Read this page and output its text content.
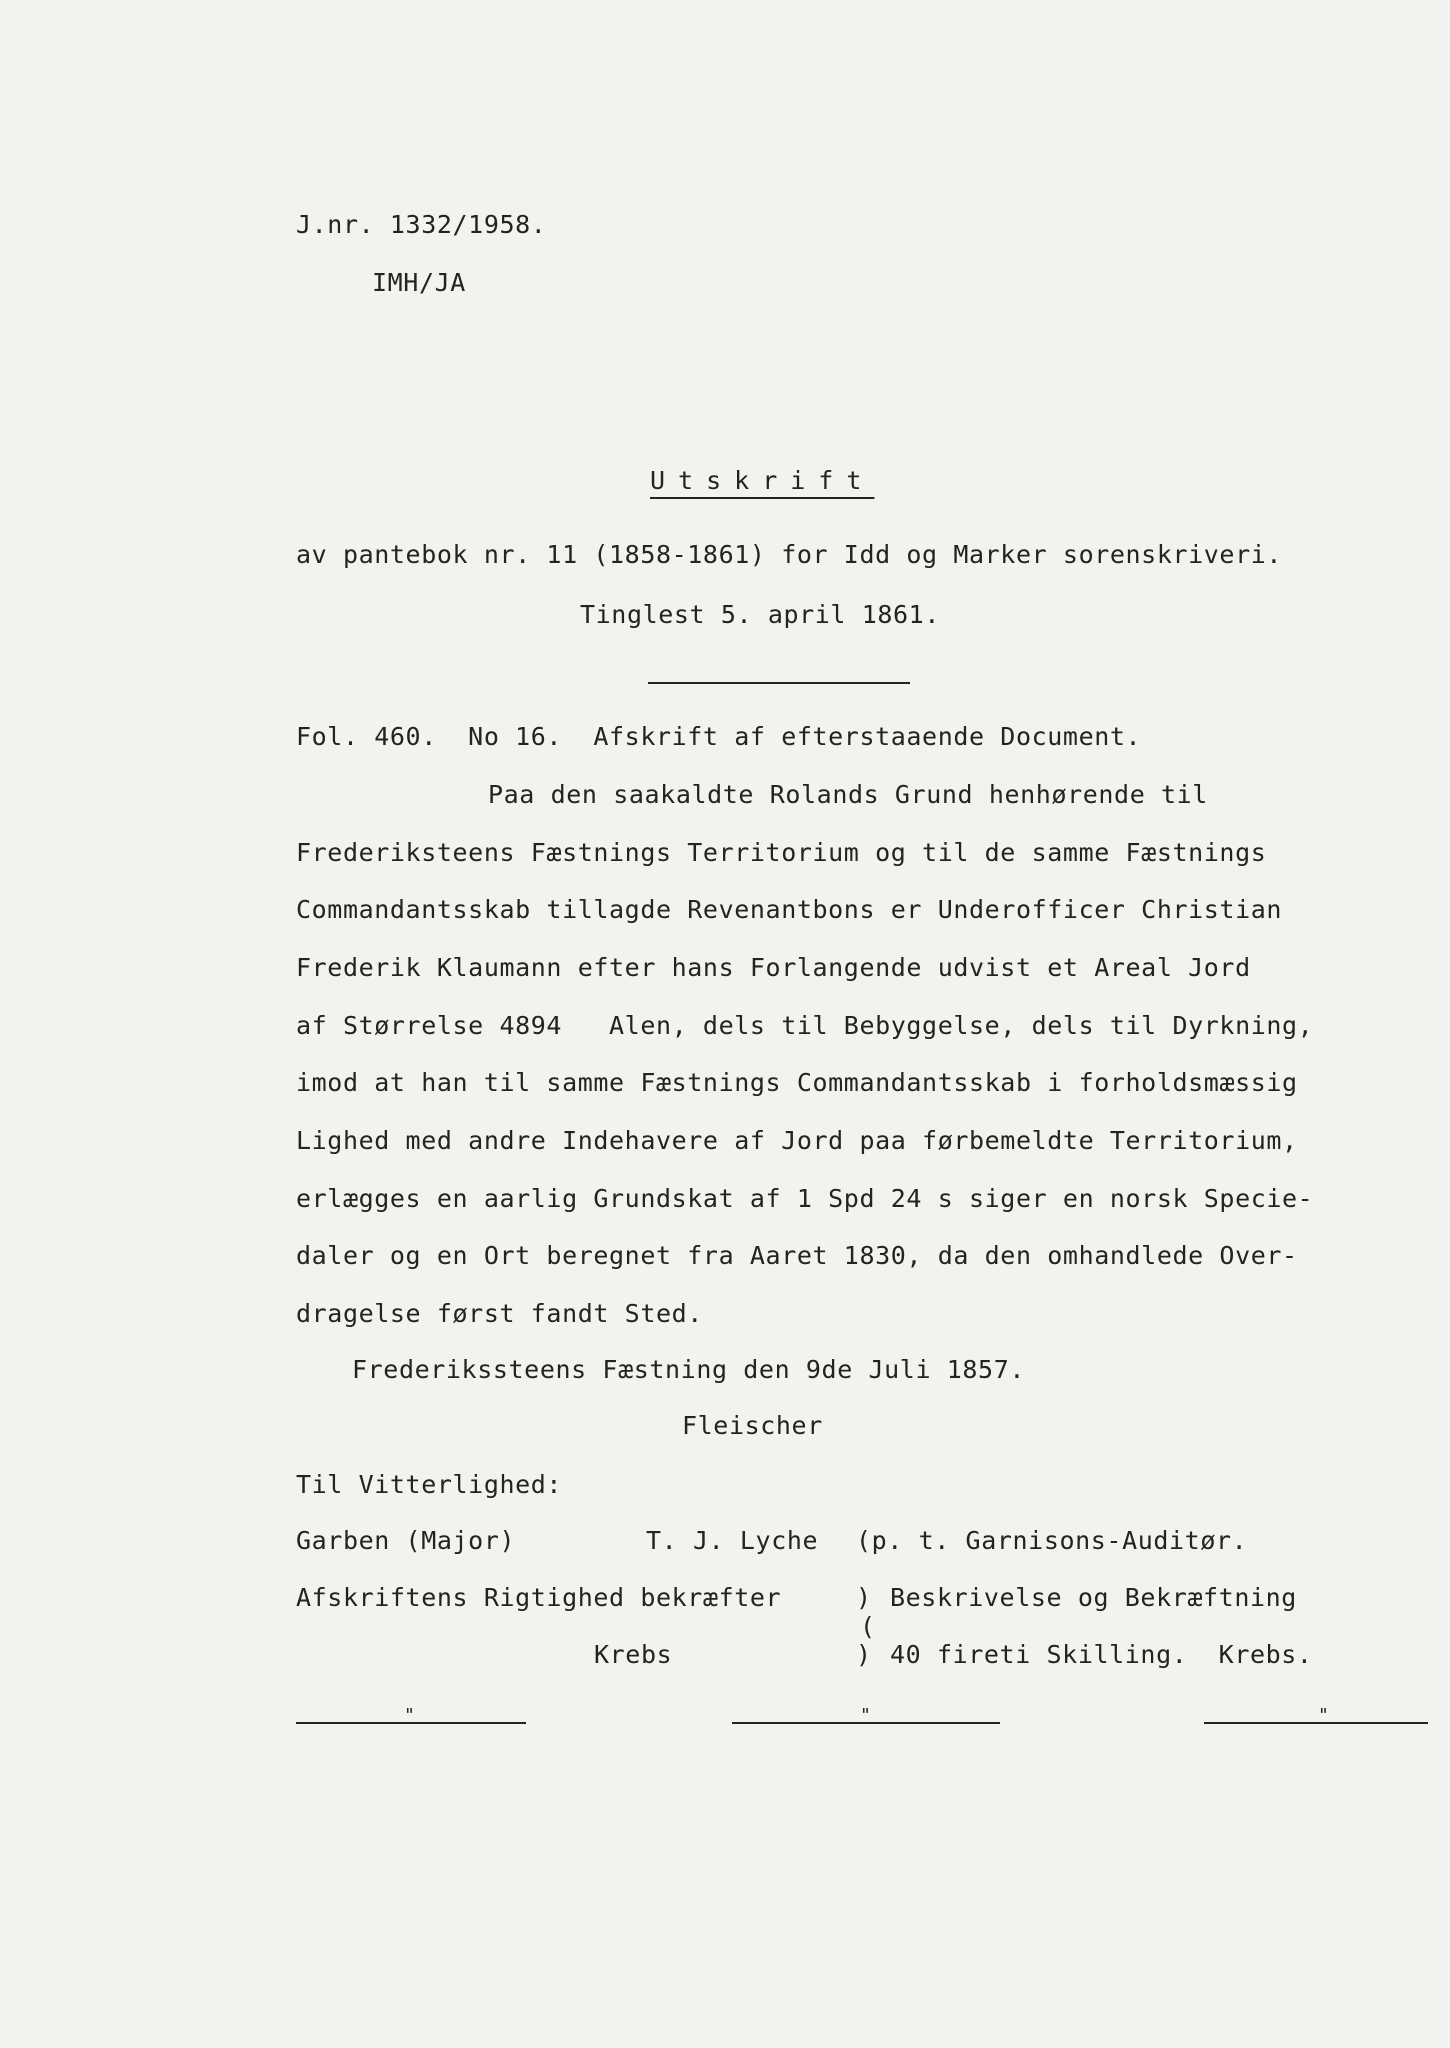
J.nr. 1332/1958.
IMH/JA
Utskrift
av pantebok nr. 11 (1858-1861) for Idd og Marker sorenskriveri.
Tinglest 5. april 1861.
Fol. 460.  No 16.  Afskrift af efterstaaende Document.
Paa den saakaldte Rolands Grund henhørende til
Frederiksteens Fæstnings Territorium og til de samme Fæstnings
Commandantsskab tillagde Revenantbons er Underofficer Christian
Frederik Klaumann efter hans Forlangende udvist et Areal Jord
af Størrelse 4894   Alen, dels til Bebyggelse, dels til Dyrkning,
imod at han til samme Fæstnings Commandantsskab i forholdsmæssig
Lighed med andre Indehavere af Jord paa førbemeldte Territorium,
erlægges en aarlig Grundskat af 1 Spd 24 s siger en norsk Specie-
daler og en Ort beregnet fra Aaret 1830, da den omhandlede Over-
dragelse først fandt Sted.
Frederikssteens Fæstning den 9de Juli 1857.
Fleischer
Til Vitterlighed:
Garben (Major)	T. J. Lyche (p. t. Garnisons-Auditør.
Afskriftens Rigtighed bekræfter	) Beskrivelse og Bekræftning
(
Krebs	) 40 fireti Skilling.  Krebs.
"	"	"
